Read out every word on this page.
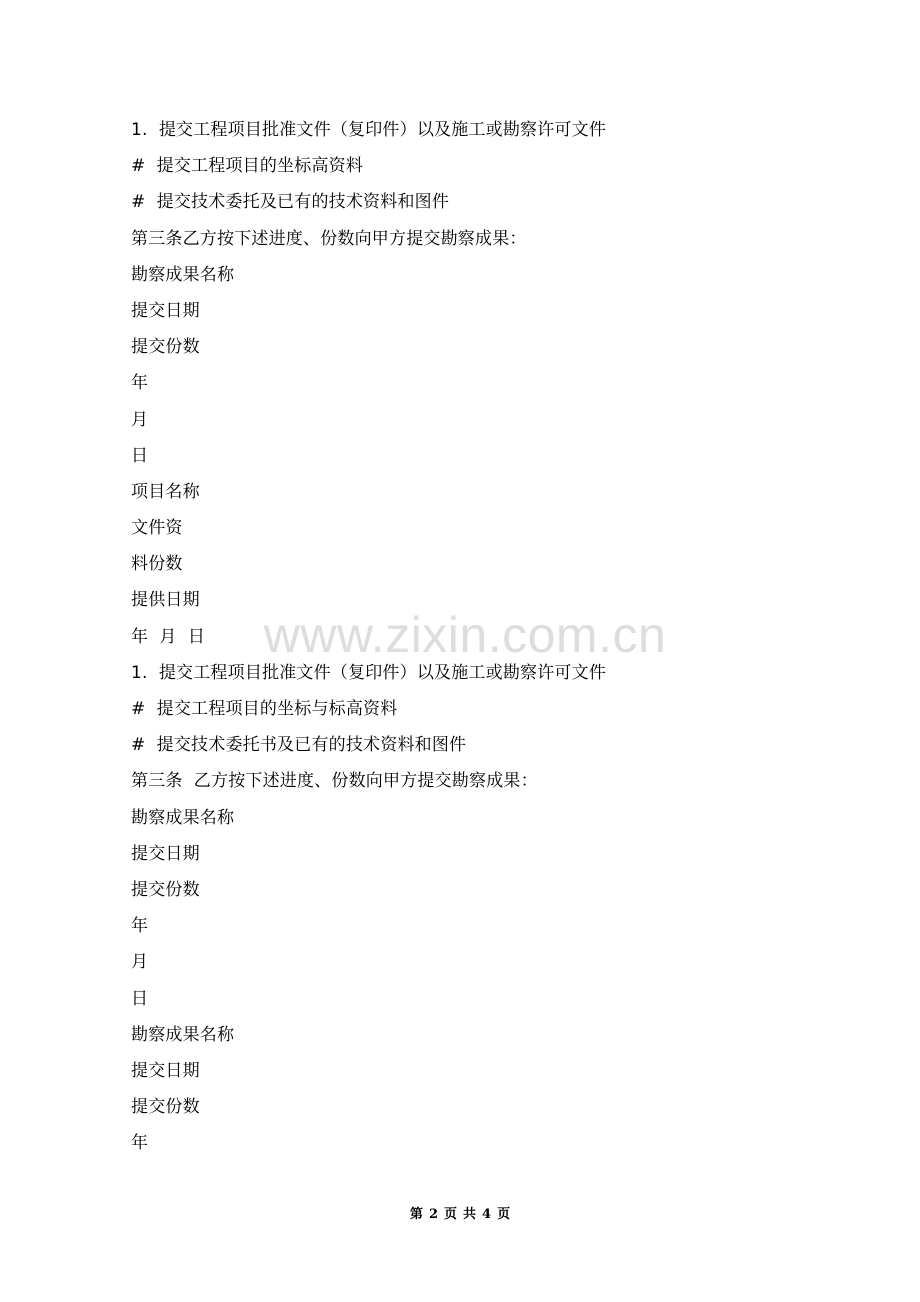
1.  提交工程项目批准文件（复印件）以及施工或勘察许可文件
#  提交工程项目的坐标高资料
#  提交技术委托及已有的技术资料和图件
第三条乙方按下述进度、份数向甲方提交勘察成果：
勘察成果名称
提交日期
提交份数
年
月
日
项目名称
文件资
料份数
提供日期
年  月  日
1.  提交工程项目批准文件（复印件）以及施工或勘察许可文件
#  提交工程项目的坐标与标高资料
#  提交技术委托书及已有的技术资料和图件
第三条  乙方按下述进度、份数向甲方提交勘察成果：
勘察成果名称
提交日期
提交份数
年
月
日
勘察成果名称
提交日期
提交份数
年
www.zixin.com.cn
第 2 页 共 4 页
